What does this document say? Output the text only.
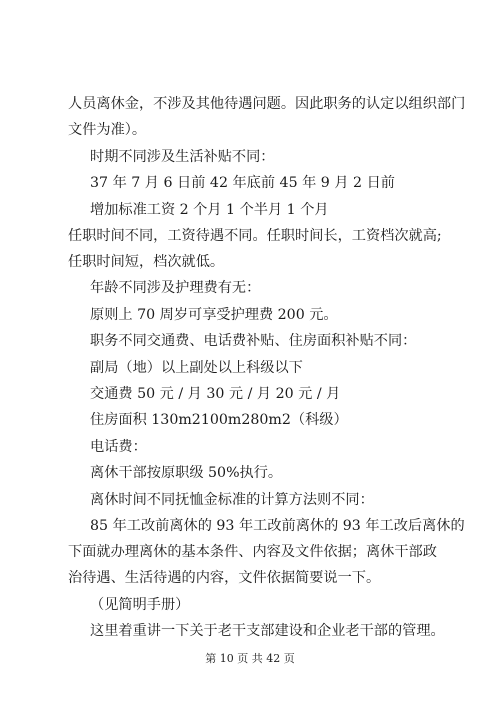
人员离休金，不涉及其他待遇问题。因此职务的认定以组织部门
文件为准）。
时期不同涉及生活补贴不同：
37 年 7 月 6 日前 42 年底前 45 年 9 月 2 日前
增加标准工资 2 个月 1 个半月 1 个月
任职时间不同，工资待遇不同。任职时间长，工资档次就高;
任职时间短，档次就低。
年龄不同涉及护理费有无：
原则上 70 周岁可享受护理费 200 元。
职务不同交通费、电话费补贴、住房面积补贴不同：
副局（地）以上副处以上科级以下
交通费 50 元 / 月 30 元 / 月 20 元 / 月
住房面积 130m2100m280m2（科级）
电话费：
离休干部按原职级 50%执行。
离休时间不同抚恤金标准的计算方法则不同：
85 年工改前离休的 93 年工改前离休的 93 年工改后离休的
下面就办理离休的基本条件、内容及文件依据；离休干部政
治待遇、生活待遇的内容，文件依据简要说一下。
（见简明手册）
这里着重讲一下关于老干支部建设和企业老干部的管理。
第 10 页 共 42 页
